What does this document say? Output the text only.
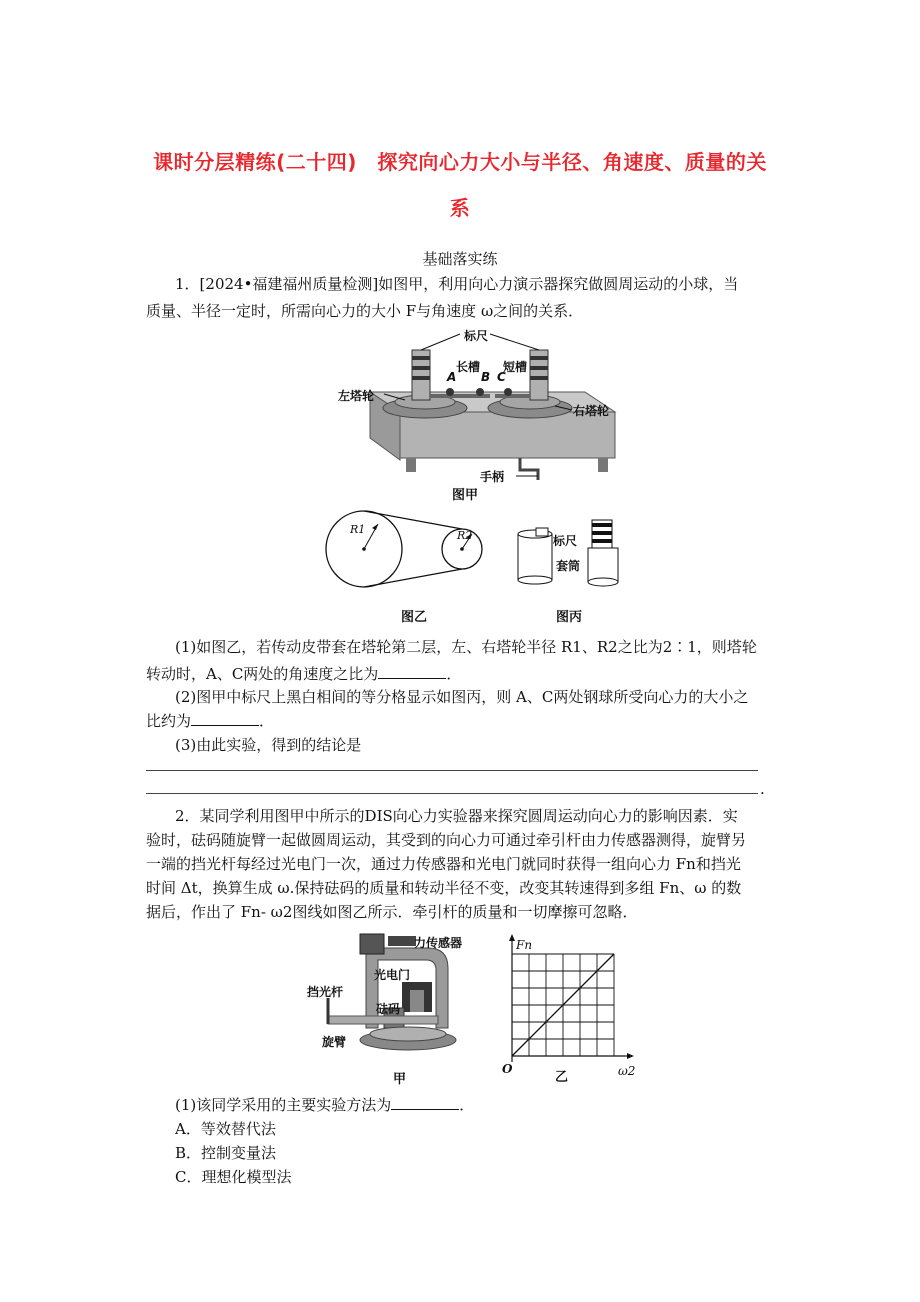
课时分层精练(二十四)　探究向心力大小与半径、角速度、质量的关
系
基础落实练
1．[2024•福建福州质量检测]如图甲，利用向心力演示器探究做圆周运动的小球，当
质量、半径一定时，所需向心力的大小 F与角速度 ω之间的关系．
标尺
长槽 短槽
A B C
左塔轮
右塔轮
手柄
图甲
R1	R2
图乙
标尺
套筒
图丙
(1)如图乙，若传动皮带套在塔轮第二层，左、右塔轮半径 R1、R2之比为2∶1，则塔轮
转动时，A、C两处的角速度之比为	．
(2)图甲中标尺上黑白相间的等分格显示如图丙，则 A、C两处钢球所受向心力的大小之
比约为	．
(3)由此实验，得到的结论是
.
2．某同学利用图甲中所示的DIS向心力实验器来探究圆周运动向心力的影响因素．实
验时，砝码随旋臂一起做圆周运动，其受到的向心力可通过牵引杆由力传感器测得，旋臂另
一端的挡光杆每经过光电门一次，通过力传感器和光电门就同时获得一组向心力 Fn和挡光
时间 Δt，换算生成 ω.保持砝码的质量和转动半径不变，改变其转速得到多组 Fn、ω 的数
据后，作出了 Fn- ω2图线如图乙所示．牵引杆的质量和一切摩擦可忽略．
力传感器
光电门
挡光杆
砝码
旋臂
甲
Fn
O
乙	ω2
(1)该同学采用的主要实验方法为	．
A．等效替代法
B．控制变量法
C．理想化模型法
